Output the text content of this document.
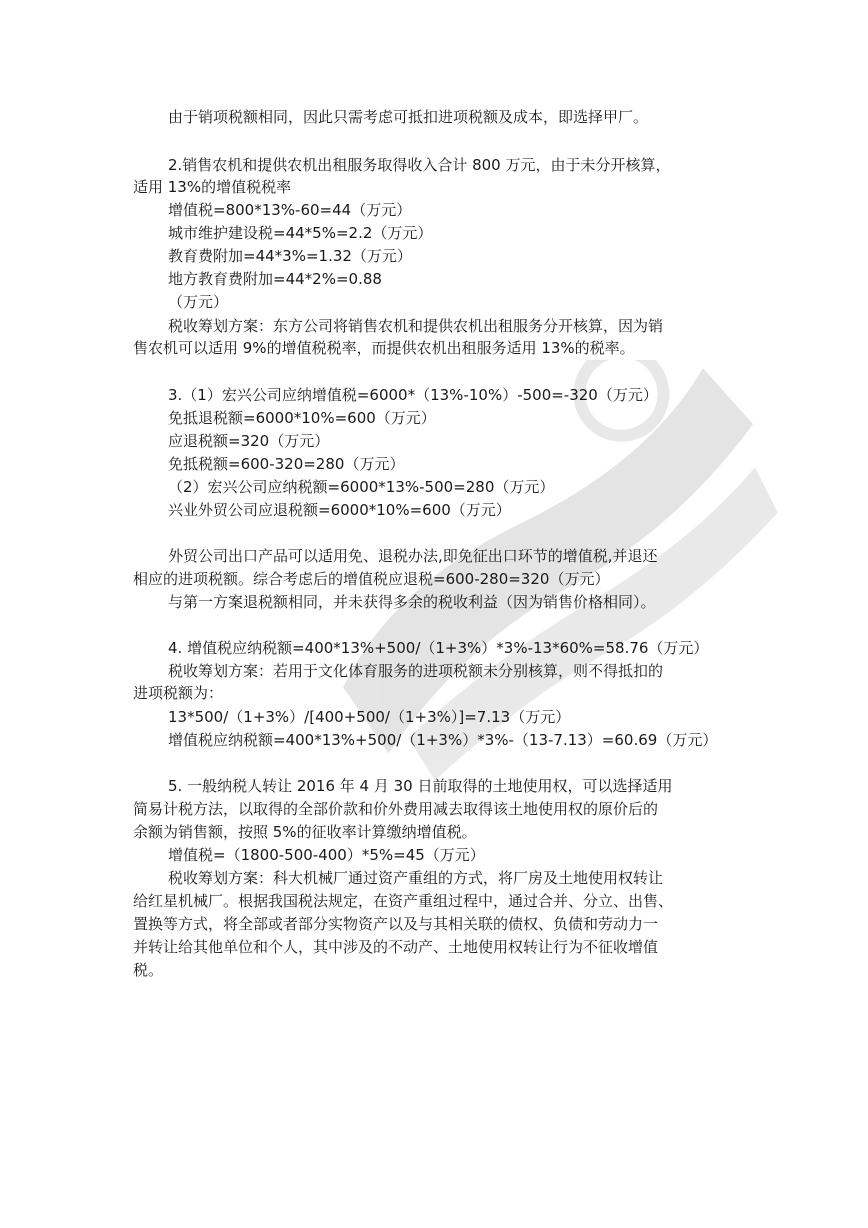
由于销项税额相同，因此只需考虑可抵扣进项税额及成本，即选择甲厂。
2.销售农机和提供农机出租服务取得收入合计 800 万元，由于未分开核算，
适用 13%的增值税税率
增值税=800*13%-60=44（万元）
城市维护建设税=44*5%=2.2（万元）
教育费附加=44*3%=1.32（万元）
地方教育费附加=44*2%=0.88
（万元）
税收筹划方案：东方公司将销售农机和提供农机出租服务分开核算，因为销
售农机可以适用 9%的增值税税率，而提供农机出租服务适用 13%的税率。
3.（1）宏兴公司应纳增值税=6000*（13%-10%）-500=-320（万元）
免抵退税额=6000*10%=600（万元）
应退税额=320（万元）
免抵税额=600-320=280（万元）
（2）宏兴公司应纳税额=6000*13%-500=280（万元）
兴业外贸公司应退税额=6000*10%=600（万元）
外贸公司出口产品可以适用免、退税办法,即免征出口环节的增值税,并退还
相应的进项税额。综合考虑后的增值税应退税=600-280=320（万元）
与第一方案退税额相同，并未获得多余的税收利益（因为销售价格相同）。
4. 增值税应纳税额=400*13%+500/（1+3%）*3%-13*60%=58.76（万元）
税收筹划方案：若用于文化体育服务的进项税额未分别核算，则不得抵扣的
进项税额为：
13*500/（1+3%）/[400+500/（1+3%）]=7.13（万元）
增值税应纳税额=400*13%+500/（1+3%）*3%-（13-7.13）=60.69（万元）
5. 一般纳税人转让 2016 年 4 月 30 日前取得的土地使用权，可以选择适用
简易计税方法，以取得的全部价款和价外费用减去取得该土地使用权的原价后的
余额为销售额，按照 5%的征收率计算缴纳增值税。
增值税=（1800-500-400）*5%=45（万元）
税收筹划方案：科大机械厂通过资产重组的方式，将厂房及土地使用权转让
给红星机械厂。根据我国税法规定，在资产重组过程中，通过合并、分立、出售、
置换等方式，将全部或者部分实物资产以及与其相关联的债权、负债和劳动力一
并转让给其他单位和个人，其中涉及的不动产、土地使用权转让行为不征收增值
税。
